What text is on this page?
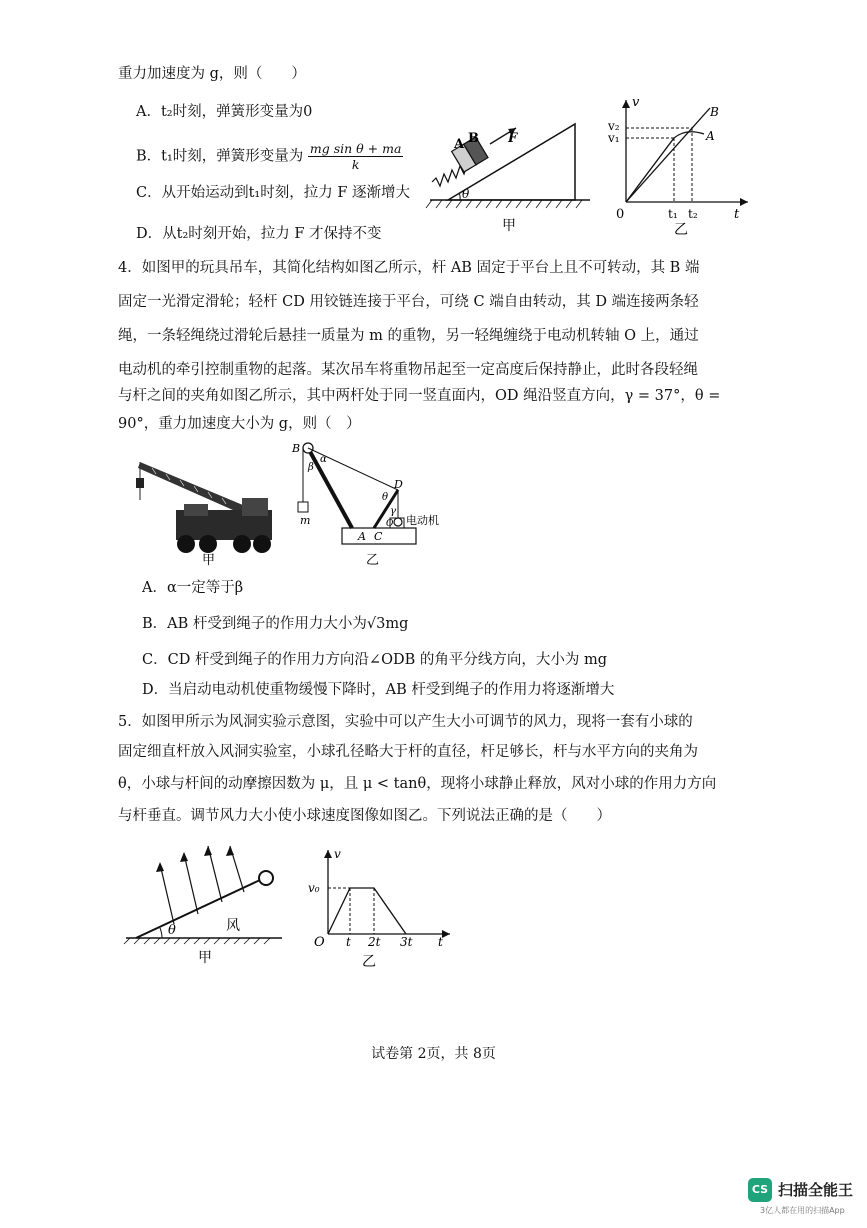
重力加速度为 g，则（　　）
A．t₂时刻，弹簧形变量为0
B．t₁时刻，弹簧形变量为 $\frac{\text{mg sin θ + ma}}{k}$
C．从开始运动到t₁时刻，拉力 F 逐渐增大
D．从t₂时刻开始，拉力 F 才保持不变
A B F
θ
甲
v
t
0
v₁
v₂
t₁ t₂
A
B
乙
4．如图甲的玩具吊车，其简化结构如图乙所示，杆 AB 固定于平台上且不可转动，其 B 端
固定一光滑定滑轮；轻杆 CD 用铰链连接于平台，可绕 C 端自由转动，其 D 端连接两条轻
绳，一条轻绳绕过滑轮后悬挂一质量为 m 的重物，另一轻绳缠绕于电动机转轴 O 上，通过
电动机的牵引控制重物的起落。某次吊车将重物吊起至一定高度后保持静止，此时各段轻绳
与杆之间的夹角如图乙所示，其中两杆处于同一竖直面内，OD 绳沿竖直方向，γ = 37°，θ =
90°，重力加速度大小为 g，则（　）
甲
B
α
β
D
θ
γ
O
m
A C
电动机
乙
A．α一定等于β
B．AB 杆受到绳子的作用力大小为√3mg
C．CD 杆受到绳子的作用力方向沿∠ODB 的角平分线方向，大小为 mg
D．当启动电动机使重物缓慢下降时，AB 杆受到绳子的作用力将逐渐增大
5．如图甲所示为风洞实验示意图，实验中可以产生大小可调节的风力，现将一套有小球的
固定细直杆放入风洞实验室，小球孔径略大于杆的直径，杆足够长，杆与水平方向的夹角为
θ，小球与杆间的动摩擦因数为 μ，且 μ < tanθ，现将小球静止释放，风对小球的作用力方向
与杆垂直。调节风力大小使小球速度图像如图乙。下列说法正确的是（　　）
θ	风
甲
v
t
O
v₀
t 2t 3t
乙
试卷第 2页，共 8页
CS 扫描全能王
3亿人都在用的扫描App
